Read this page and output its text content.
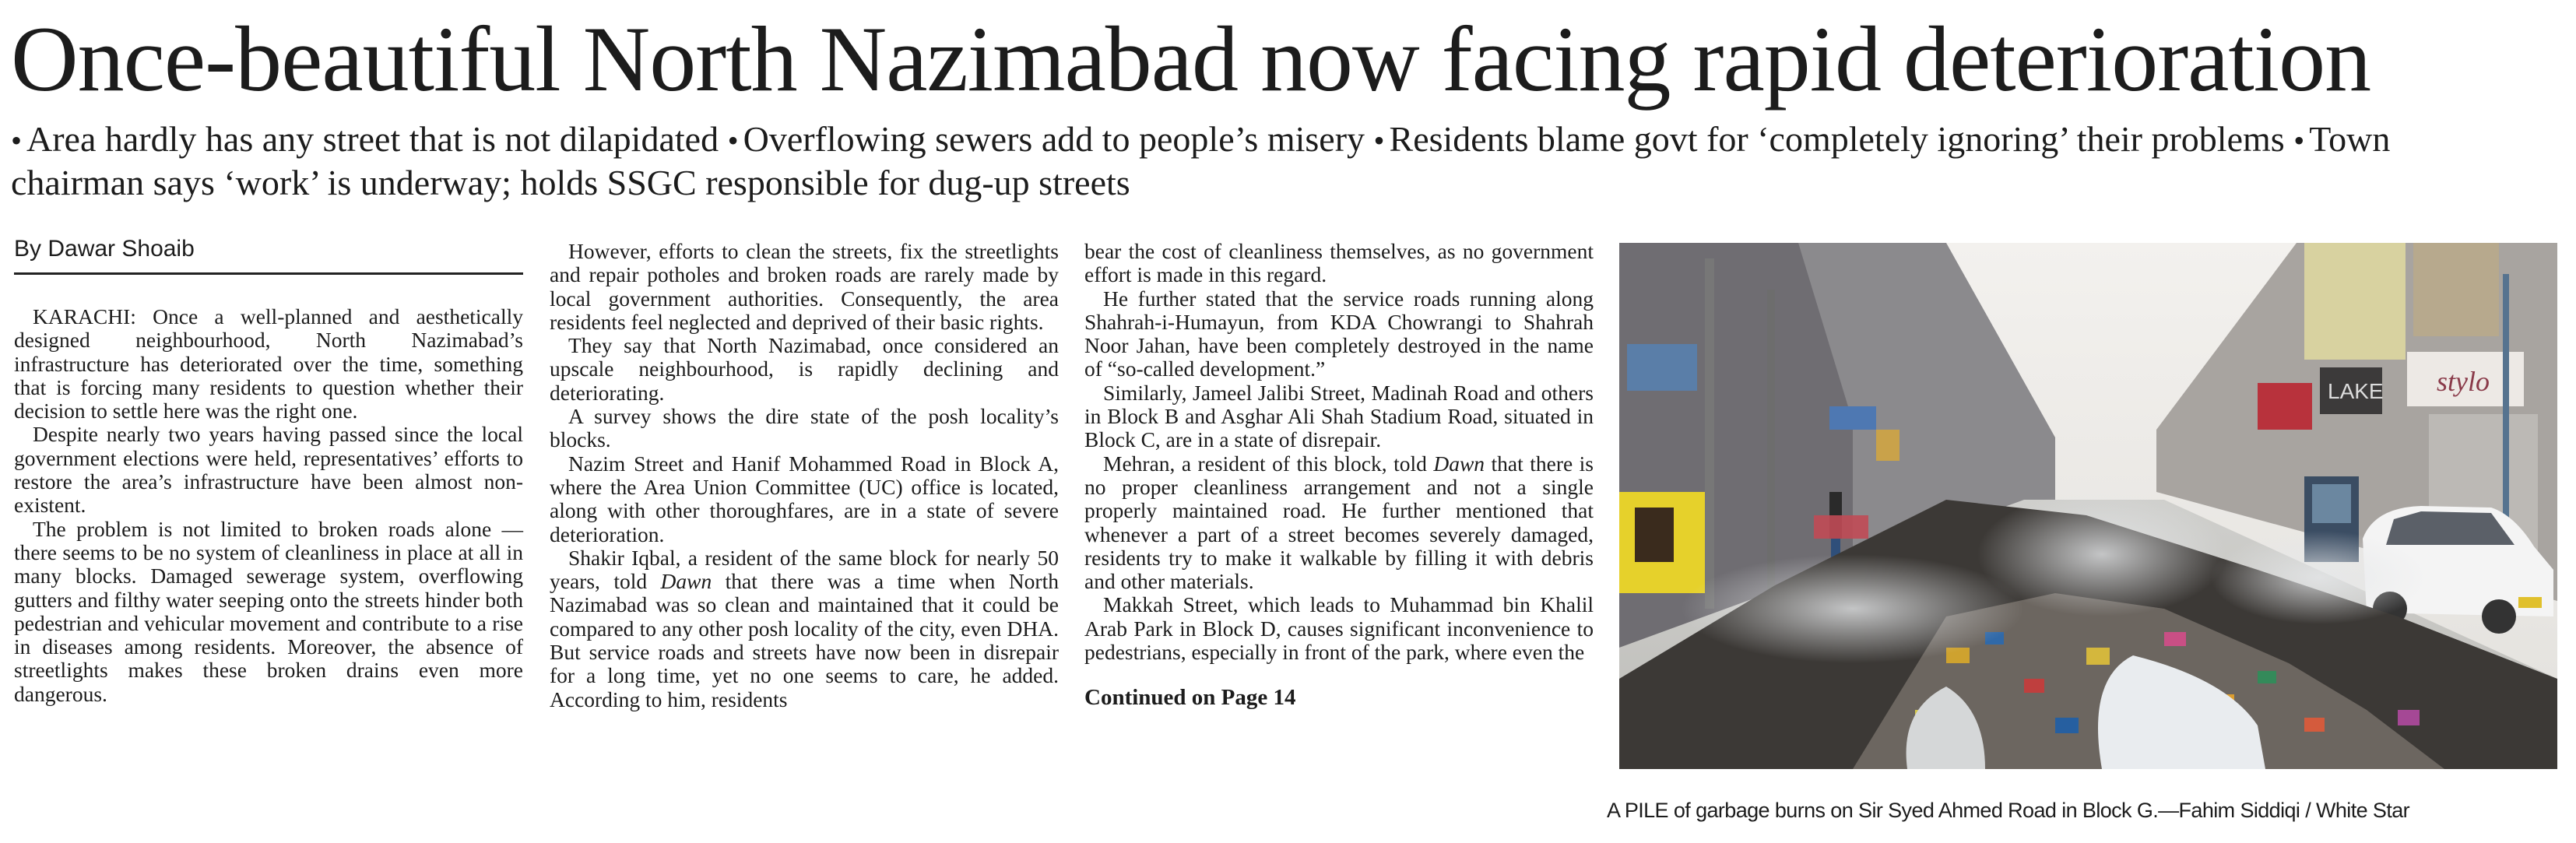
Once-beautiful North Nazimabad now facing rapid deterioration
• Area hardly has any street that is not dilapidated • Overflowing sewers add to people’s misery • Residents blame govt for ‘completely ignoring’ their problems • Town chairman says ‘work’ is underway; holds SSGC responsible for dug-up streets
By Dawar Shoaib

KARACHI: Once a well-planned and aesthetically designed neighbourhood, North Nazimabad’s infrastructure has deteriorated over the time, something that is forcing many residents to question whether their decision to settle here was the right one.

Despite nearly two years having passed since the local government elections were held, representatives’ efforts to restore the area’s infrastructure have been almost non-existent.

The problem is not limited to broken roads alone — there seems to be no system of cleanliness in place at all in many blocks. Damaged sewerage system, overflowing gutters and filthy water seeping onto the streets hinder both pedestrian and vehicular movement and contribute to a rise in diseases among residents. Moreover, the absence of streetlights makes these broken drains even more dangerous.

However, efforts to clean the streets, fix the streetlights and repair potholes and broken roads are rarely made by local government authorities. Consequently, the area residents feel neglected and deprived of their basic rights.

They say that North Nazimabad, once considered an upscale neighbourhood, is rapidly declining and deteriorating.

A survey shows the dire state of the posh locality’s blocks.

Nazim Street and Hanif Mohammed Road in Block A, where the Area Union Committee (UC) office is located, along with other thoroughfares, are in a state of severe deterioration.

Shakir Iqbal, a resident of the same block for nearly 50 years, told Dawn that there was a time when North Nazimabad was so clean and maintained that it could be compared to any other posh locality of the city, even DHA. But service roads and streets have now been in disrepair for a long time, yet no one seems to care, he added. According to him, residents

bear the cost of cleanliness themselves, as no government effort is made in this regard.

He further stated that the service roads running along Shahrah-i-Humayun, from KDA Chowrangi to Shahrah Noor Jahan, have been completely destroyed in the name of “so-called development.”

Similarly, Jameel Jalibi Street, Madinah Road and others in Block B and Asghar Ali Shah Stadium Road, situated in Block C, are in a state of disrepair.

Mehran, a resident of this block, told Dawn that there is no proper cleanliness arrangement and not a single properly maintained road. He further mentioned that whenever a part of a street becomes severely damaged, residents try to make it walkable by filling it with debris and other materials.

Makkah Street, which leads to Muhammad bin Khalil Arab Park in Block D, causes significant inconvenience to pedestrians, especially in front of the park, where even the

Continued on Page 14

stylo
LAKE
A PILE of garbage burns on Sir Syed Ahmed Road in Block G.—Fahim Siddiqi / White Star
